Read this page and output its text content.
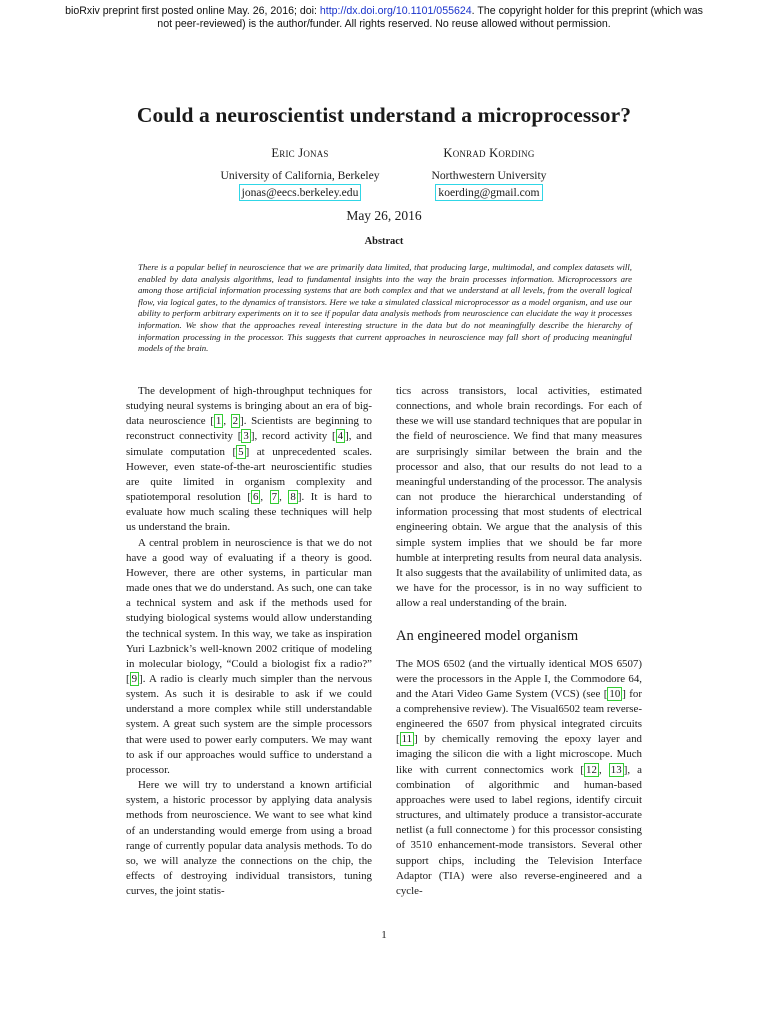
bioRxiv preprint first posted online May. 26, 2016; doi: http://dx.doi.org/10.1101/055624. The copyright holder for this preprint (which was not peer-reviewed) is the author/funder. All rights reserved. No reuse allowed without permission.
Could a neuroscientist understand a microprocessor?
Eric Jonas
University of California, Berkeley
jonas@eecs.berkeley.edu
Konrad Kording
Northwestern University
koerding@gmail.com
May 26, 2016
Abstract
There is a popular belief in neuroscience that we are primarily data limited, that producing large, multimodal, and complex datasets will, enabled by data analysis algorithms, lead to fundamental insights into the way the brain processes information. Microprocessors are among those artificial information processing systems that are both complex and that we understand at all levels, from the overall logical flow, via logical gates, to the dynamics of transistors. Here we take a simulated classical microprocessor as a model organism, and use our ability to perform arbitrary experiments on it to see if popular data analysis methods from neuroscience can elucidate the way it processes information. We show that the approaches reveal interesting structure in the data but do not meaningfully describe the hierarchy of information processing in the processor. This suggests that current approaches in neuroscience may fall short of producing meaningful models of the brain.

The development of high-throughput techniques for studying neural systems is bringing about an era of big-data neuroscience [ 1 , 2 ]. Scientists are beginning to reconstruct connectivity [ 3 ], record activity [ 4 ], and simulate computation [ 5 ] at unprecedented scales. However, even state-of-the-art neuroscientific studies are quite limited in organism complexity and spatiotemporal resolution [ 6 , 7 , 8 ]. It is hard to evaluate how much scaling these techniques will help us understand the brain.

A central problem in neuroscience is that we do not have a good way of evaluating if a theory is good. However, there are other systems, in particular man made ones that we do understand. As such, one can take a technical system and ask if the methods used for studying biological systems would allow understanding the technical system. In this way, we take as inspiration Yuri Lazbnick’s well-known 2002 critique of modeling in molecular biology, “Could a biologist fix a radio?” [ 9 ]. A radio is clearly much simpler than the nervous system. As such it is desirable to ask if we could understand a more complex while still understandable system. A great such system are the simple processors that were used to power early computers. We may want to ask if our approaches would suffice to understand a processor.

Here we will try to understand a known artificial system, a historic processor by applying data analysis methods from neuroscience. We want to see what kind of an understanding would emerge from using a broad range of currently popular data analysis methods. To do so, we will analyze the connections on the chip, the effects of destroying individual transistors, tuning curves, the joint statis-

tics across transistors, local activities, estimated connections, and whole brain recordings. For each of these we will use standard techniques that are popular in the field of neuroscience. We find that many measures are surprisingly similar between the brain and the processor and also, that our results do not lead to a meaningful understanding of the processor. The analysis can not produce the hierarchical understanding of information processing that most students of electrical engineering obtain. We argue that the analysis of this simple system implies that we should be far more humble at interpreting results from neural data analysis. It also suggests that the availability of unlimited data, as we have for the processor, is in no way sufficient to allow a real understanding of the brain.

An engineered model organism

The MOS 6502 (and the virtually identical MOS 6507) were the processors in the Apple I, the Commodore 64, and the Atari Video Game System (VCS) (see [ 10 ] for a comprehensive review). The Visual6502 team reverse-engineered the 6507 from physical integrated circuits [ 11 ] by chemically removing the epoxy layer and imaging the silicon die with a light microscope. Much like with current connectomics work [ 12 , 13 ], a combination of algorithmic and human-based approaches were used to label regions, identify circuit structures, and ultimately produce a transistor-accurate netlist (a full connectome ) for this processor consisting of 3510 enhancement-mode transistors. Several other support chips, including the Television Interface Adaptor (TIA) were also reverse-engineered and a cycle-

1
